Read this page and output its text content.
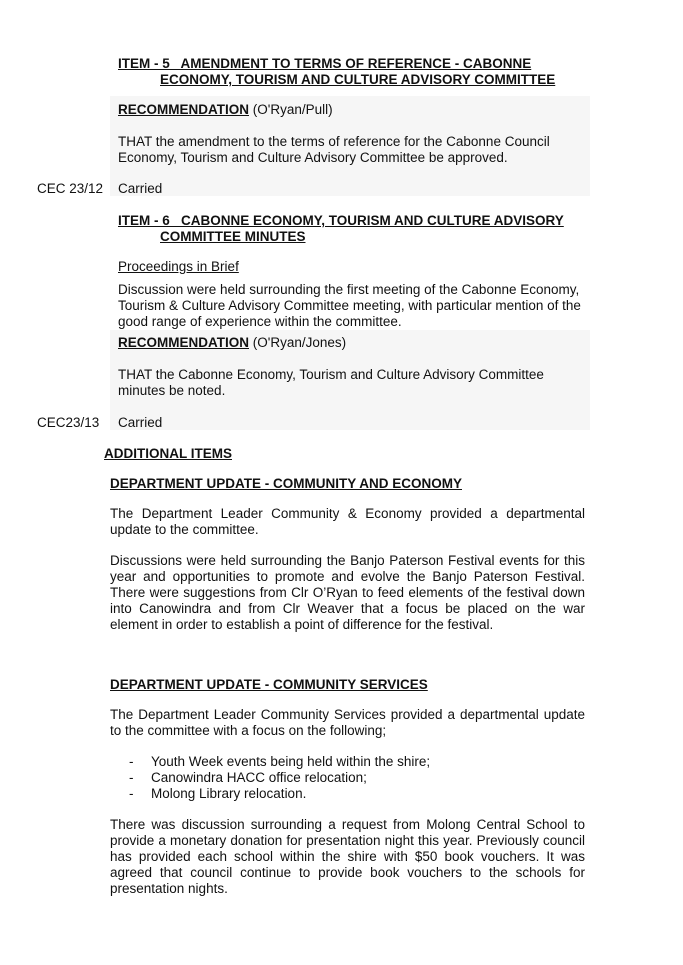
ITEM - 5   AMENDMENT TO TERMS OF REFERENCE - CABONNE
ECONOMY, TOURISM AND CULTURE ADVISORY COMMITTEE
RECOMMENDATION (O'Ryan/Pull)
THAT the amendment to the terms of reference for the Cabonne Council
Economy, Tourism and Culture Advisory Committee be approved.
CEC 23/12 Carried
ITEM - 6   CABONNE ECONOMY, TOURISM AND CULTURE ADVISORY
COMMITTEE MINUTES
Proceedings in Brief
Discussion were held surrounding the first meeting of the Cabonne Economy,
Tourism & Culture Advisory Committee meeting, with particular mention of the
good range of experience within the committee.
RECOMMENDATION (O'Ryan/Jones)
THAT the Cabonne Economy, Tourism and Culture Advisory Committee
minutes be noted.
CEC23/13 Carried
ADDITIONAL ITEMS
DEPARTMENT UPDATE - COMMUNITY AND ECONOMY
The Department Leader Community & Economy provided a departmental
update to the committee.
Discussions were held surrounding the Banjo Paterson Festival events for this
year and opportunities to promote and evolve the Banjo Paterson Festival.
There were suggestions from Clr O’Ryan to feed elements of the festival down
into Canowindra and from Clr Weaver that a focus be placed on the war
element in order to establish a point of difference for the festival.
DEPARTMENT UPDATE - COMMUNITY SERVICES
The Department Leader Community Services provided a departmental update
to the committee with a focus on the following;
- Youth Week events being held within the shire;
- Canowindra HACC office relocation;
- Molong Library relocation.
There was discussion surrounding a request from Molong Central School to
provide a monetary donation for presentation night this year. Previously council
has provided each school within the shire with $50 book vouchers. It was
agreed that council continue to provide book vouchers to the schools for
presentation nights.
